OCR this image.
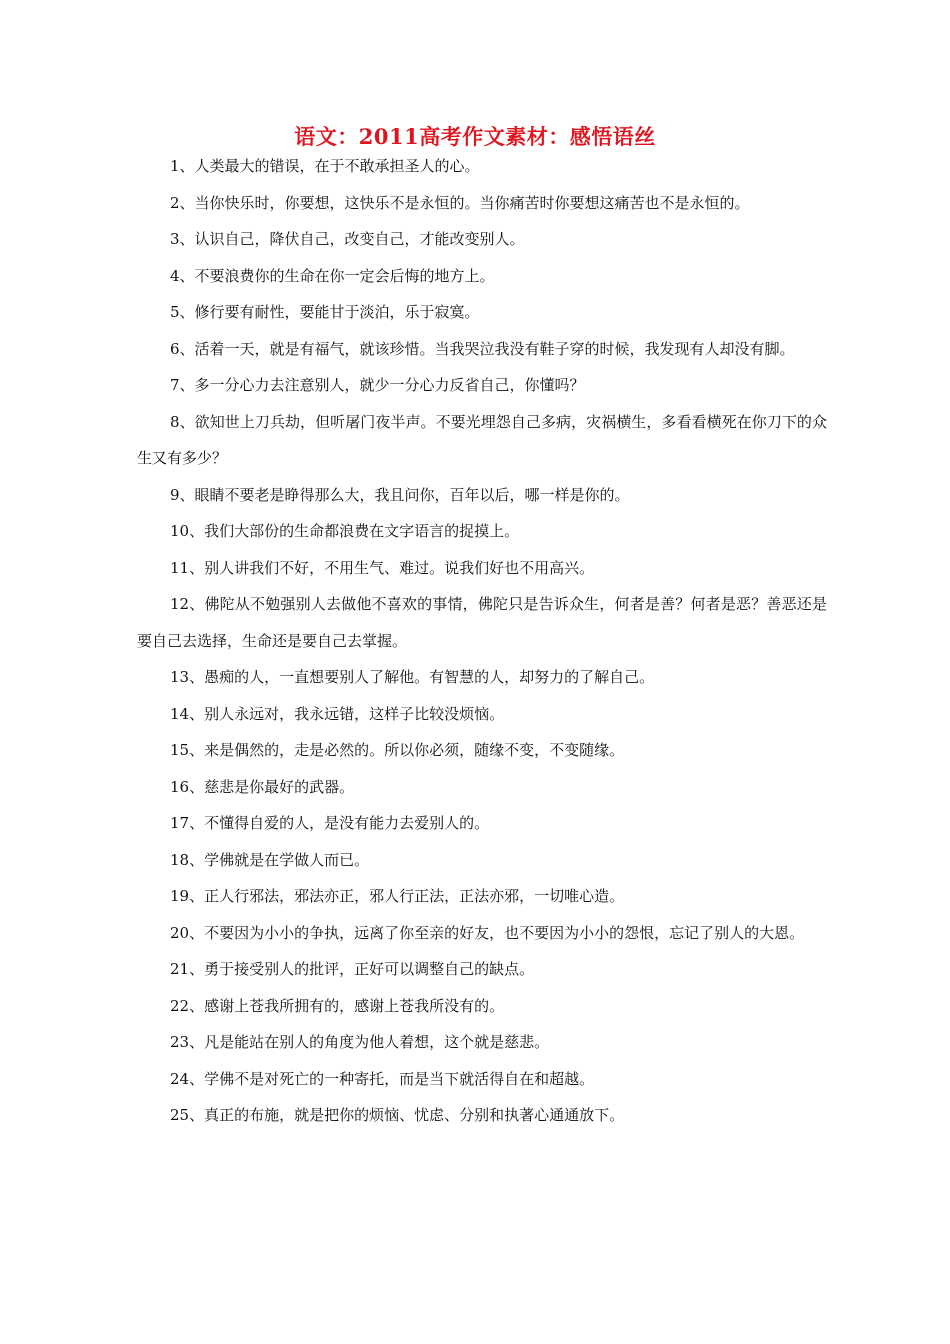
语文：2011高考作文素材：感悟语丝

1、人类最大的错误，在于不敢承担圣人的心。

2、当你快乐时，你要想，这快乐不是永恒的。当你痛苦时你要想这痛苦也不是永恒的。

3、认识自己，降伏自己，改变自己，才能改变别人。

4、不要浪费你的生命在你一定会后悔的地方上。

5、修行要有耐性，要能甘于淡泊，乐于寂寞。

6、活着一天，就是有福气，就该珍惜。当我哭泣我没有鞋子穿的时候，我发现有人却没有脚。

7、多一分心力去注意别人，就少一分心力反省自己，你懂吗？

8、欲知世上刀兵劫，但听屠门夜半声。不要光埋怨自己多病，灾祸横生，多看看横死在你刀下的众生又有多少？

9、眼睛不要老是睁得那么大，我且问你，百年以后，哪一样是你的。

10、我们大部份的生命都浪费在文字语言的捉摸上。

11、别人讲我们不好，不用生气、难过。说我们好也不用高兴。

12、佛陀从不勉强别人去做他不喜欢的事情，佛陀只是告诉众生，何者是善？何者是恶？善恶还是要自己去选择，生命还是要自己去掌握。

13、愚痴的人，一直想要别人了解他。有智慧的人，却努力的了解自己。

14、别人永远对，我永远错，这样子比较没烦恼。

15、来是偶然的，走是必然的。所以你必须，随缘不变，不变随缘。

16、慈悲是你最好的武器。

17、不懂得自爱的人，是没有能力去爱别人的。

18、学佛就是在学做人而已。

19、正人行邪法，邪法亦正，邪人行正法，正法亦邪，一切唯心造。

20、不要因为小小的争执，远离了你至亲的好友，也不要因为小小的怨恨，忘记了别人的大恩。

21、勇于接受别人的批评，正好可以调整自己的缺点。

22、感谢上苍我所拥有的，感谢上苍我所没有的。

23、凡是能站在别人的角度为他人着想，这个就是慈悲。

24、学佛不是对死亡的一种寄托，而是当下就活得自在和超越。

25、真正的布施，就是把你的烦恼、忧虑、分别和执著心通通放下。
